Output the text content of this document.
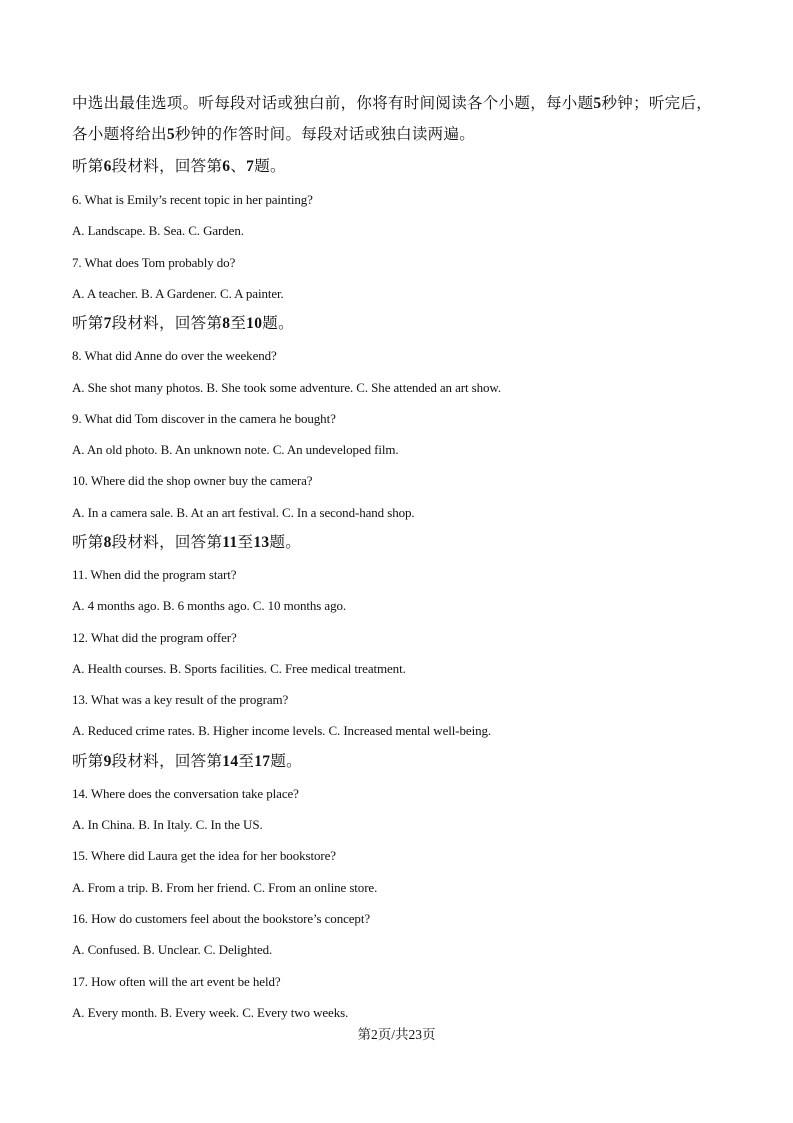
中选出最佳选项。听每段对话或独白前，你将有时间阅读各个小题，每小题5秒钟；听完后，
各小题将给出5秒钟的作答时间。每段对话或独白读两遍。
听第6段材料，回答第6、7题。
6. What is Emily’s recent topic in her painting?
A. Landscape. B. Sea. C. Garden.
7. What does Tom probably do?
A. A teacher. B. A Gardener. C. A painter.
听第7段材料，回答第8至10题。
8. What did Anne do over the weekend?
A. She shot many photos. B. She took some adventure. C. She attended an art show.
9. What did Tom discover in the camera he bought?
A. An old photo. B. An unknown note. C. An undeveloped film.
10. Where did the shop owner buy the camera?
A. In a camera sale. B. At an art festival. C. In a second-hand shop.
听第8段材料，回答第11至13题。
11. When did the program start?
A. 4 months ago. B. 6 months ago. C. 10 months ago.
12. What did the program offer?
A. Health courses. B. Sports facilities. C. Free medical treatment.
13. What was a key result of the program?
A. Reduced crime rates. B. Higher income levels. C. Increased mental well-being.
听第9段材料，回答第14至17题。
14. Where does the conversation take place?
A. In China. B. In Italy. C. In the US.
15. Where did Laura get the idea for her bookstore?
A. From a trip. B. From her friend. C. From an online store.
16. How do customers feel about the bookstore’s concept?
A. Confused. B. Unclear. C. Delighted.
17. How often will the art event be held?
A. Every month. B. Every week. C. Every two weeks.
第2页/共23页
